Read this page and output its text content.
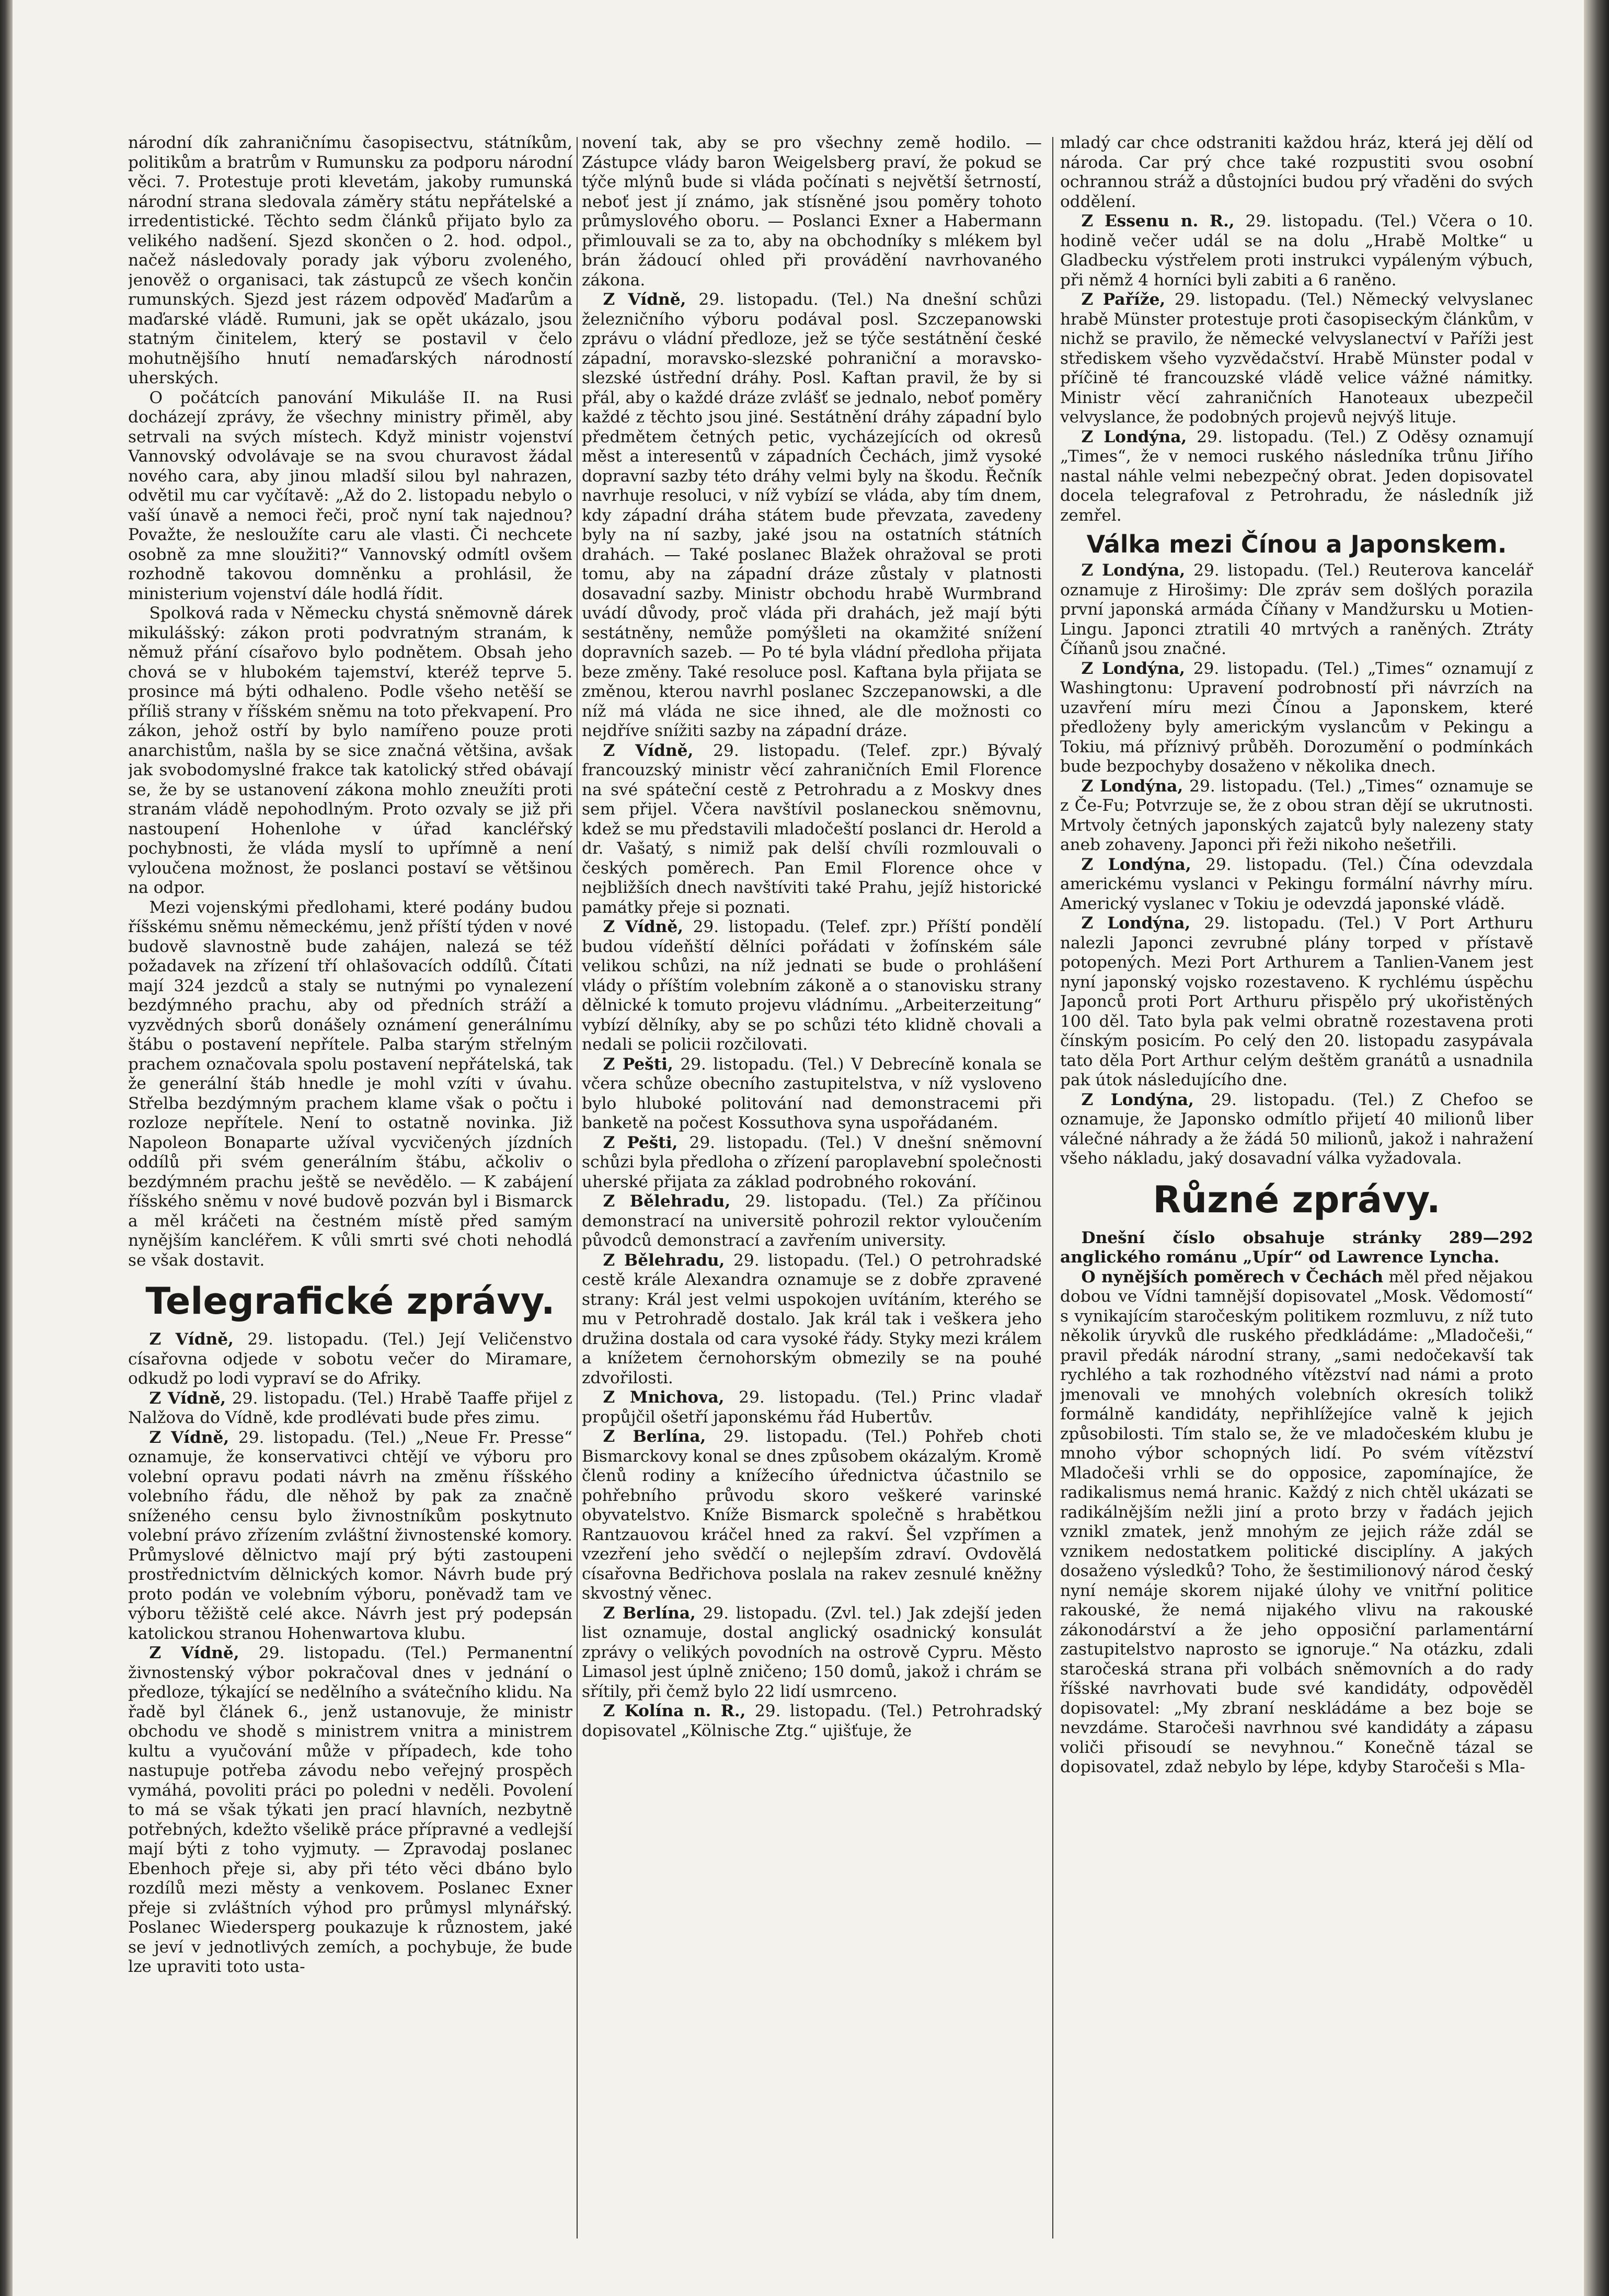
národní dík zahraničnímu časopisectvu, státníkům, politikům a bratrům v Rumunsku za podporu národní věci. 7. Protestuje proti klevetám, jakoby rumunská národní strana sledovala záměry státu nepřátelské a irredentistické. Těchto sedm článků přijato bylo za velikého nadšení. Sjezd skončen o 2. hod. odpol., načež následovaly porady jak výboru zvoleného, jenověž o organisaci, tak zástupců ze všech končin rumunských. Sjezd jest rázem odpověď Maďarům a maďarské vládě. Rumuni, jak se opět ukázalo, jsou statným činitelem, který se postavil v čelo mohutnějšího hnutí nemaďarských národností uherských.

O počátcích panování Mikuláše II. na Rusi docházejí zprávy, že všechny ministry přiměl, aby setrvali na svých místech. Když ministr vojenství Vannovský odvolávaje se na svou churavost žádal nového cara, aby jinou mladší silou byl nahrazen, odvětil mu car vyčítavě: „Až do 2. listopadu nebylo o vaší únavě a nemoci řeči, proč nyní tak najednou? Považte, že nesloužíte caru ale vlasti. Či nechcete osobně za mne sloužiti?“ Vannovský odmítl ovšem rozhodně takovou domněnku a prohlásil, že ministerium vojenství dále hodlá řídit.

Spolková rada v Německu chystá sněmovně dárek mikulášský: zákon proti podvratným stranám, k němuž přání císařovo bylo podnětem. Obsah jeho chová se v hlubokém tajemství, kteréž teprve 5. prosince má býti odhaleno. Podle všeho netěší se příliš strany v říšském sněmu na toto překvapení. Pro zákon, jehož ostří by bylo namířeno pouze proti anarchistům, našla by se sice značná většina, avšak jak svobodomyslné frakce tak katolický střed obávají se, že by se ustanovení zákona mohlo zneužíti proti stranám vládě nepohodlným. Proto ozvaly se již při nastoupení Hohenlohe v úřad kancléřský pochybnosti, že vláda myslí to upřímně a není vyloučena možnost, že poslanci postaví se většinou na odpor.

Mezi vojenskými předlohami, které podány budou říšskému sněmu německému, jenž příští týden v nové budově slavnostně bude zahájen, nalezá se též požadavek na zřízení tří ohlašovacích oddílů. Čítati mají 324 jezdců a staly se nutnými po vynalezení bezdýmného prachu, aby od předních stráží a vyzvědných sborů donášely oznámení generálnímu štábu o postavení nepřítele. Palba starým střelným prachem označovala spolu postavení nepřátelská, tak že generální štáb hnedle je mohl vzíti v úvahu. Střelba bezdýmným prachem klame však o počtu i rozloze nepřítele. Není to ostatně novinka. Již Napoleon Bonaparte užíval vycvičených jízdních oddílů při svém generálním štábu, ačkoliv o bezdýmném prachu ještě se nevědělo. — K zabájení říšského sněmu v nové budově pozván byl i Bismarck a měl kráčeti na čestném místě před samým nynějším kancléřem. K vůli smrti své choti nehodlá se však dostavit.

Telegrafické zprávy.

Z Vídně, 29. listopadu. (Tel.) Její Veličenstvo císařovna odjede v sobotu večer do Miramare, odkudž po lodi vypraví se do Afriky.

Z Vídně, 29. listopadu. (Tel.) Hrabě Taaffe přijel z Nalžova do Vídně, kde prodlévati bude přes zimu.

Z Vídně, 29. listopadu. (Tel.) „Neue Fr. Presse“ oznamuje, že konservativci chtějí ve výboru pro volební opravu podati návrh na změnu říšského volebního řádu, dle něhož by pak za značně sníženého censu bylo živnostníkům poskytnuto volební právo zřízením zvláštní živnostenské komory. Průmyslové dělnictvo mají prý býti zastoupeni prostřednictvím dělnických komor. Návrh bude prý proto podán ve volebním výboru, poněvadž tam ve výboru těžiště celé akce. Návrh jest prý podepsán katolickou stranou Hohenwartova klubu.

Z Vídně, 29. listopadu. (Tel.) Permanentní živnostenský výbor pokračoval dnes v jednání o předloze, týkající se nedělního a svátečního klidu. Na řadě byl článek 6., jenž ustanovuje, že ministr obchodu ve shodě s ministrem vnitra a ministrem kultu a vyučování může v případech, kde toho nastupuje potřeba závodu nebo veřejný prospěch vymáhá, povoliti práci po poledni v neděli. Povolení to má se však týkati jen prací hlavních, nezbytně potřebných, kdežto všelikě práce přípravné a vedlejší mají býti z toho vyjmuty. — Zpravodaj poslanec Ebenhoch přeje si, aby při této věci dbáno bylo rozdílů mezi městy a venkovem. Poslanec Exner přeje si zvláštních výhod pro průmysl mlynářský. Poslanec Wiedersperg poukazuje k různostem, jaké se jeví v jednotlivých zemích, a pochybuje, že bude lze upraviti toto usta-

novení tak, aby se pro všechny země hodilo. — Zástupce vlády baron Weigelsberg praví, že pokud se týče mlýnů bude si vláda počínati s největší šetrností, neboť jest jí známo, jak stísněné jsou poměry tohoto průmyslového oboru. — Poslanci Exner a Habermann přimlouvali se za to, aby na obchodníky s mlékem byl brán žádoucí ohled při provádění navrhovaného zákona.

Z Vídně, 29. listopadu. (Tel.) Na dnešní schůzi železničního výboru podával posl. Szczepanowski zprávu o vládní předloze, jež se týče sestátnění české západní, moravsko-slezské pohraniční a moravsko-slezské ústřední dráhy. Posl. Kaftan pravil, že by si přál, aby o každé dráze zvlášť se jednalo, neboť poměry každé z těchto jsou jiné. Sestátnění dráhy západní bylo předmětem četných petic, vycházejících od okresů měst a interesentů v západních Čechách, jimž vysoké dopravní sazby této dráhy velmi byly na škodu. Řečník navrhuje resoluci, v níž vybízí se vláda, aby tím dnem, kdy západní dráha státem bude převzata, zavedeny byly na ní sazby, jaké jsou na ostatních státních drahách. — Také poslanec Blažek ohražoval se proti tomu, aby na západní dráze zůstaly v platnosti dosavadní sazby. Ministr obchodu hrabě Wurmbrand uvádí důvody, proč vláda při drahách, jež mají býti sestátněny, nemůže pomýšleti na okamžité snížení dopravních sazeb. — Po té byla vládní předloha přijata beze změny. Také resoluce posl. Kaftana byla přijata se změnou, kterou navrhl poslanec Szczepanowski, a dle níž má vláda ne sice ihned, ale dle možnosti co nejdříve snížiti sazby na západní dráze.

Z Vídně, 29. listopadu. (Telef. zpr.) Bývalý francouzský ministr věcí zahraničních Emil Florence na své spáteční cestě z Petrohradu a z Moskvy dnes sem přijel. Včera navštívil poslaneckou sněmovnu, kdež se mu představili mladočeští poslanci dr. Herold a dr. Vašatý, s nimiž pak delší chvíli rozmlouvali o českých poměrech. Pan Emil Florence ohce v nejbližších dnech navštíviti také Prahu, jejíž historické památky přeje si poznati.

Z Vídně, 29. listopadu. (Telef. zpr.) Příští pondělí budou vídeňští dělníci pořádati v žofínském sále velikou schůzi, na níž jednati se bude o prohlášení vlády o příštím volebním zákoně a o stanovisku strany dělnické k tomuto projevu vládnímu. „Arbeiterzeitung“ vybízí dělníky, aby se po schůzi této klidně chovali a nedali se policii rozčilovati.

Z Pešti, 29. listopadu. (Tel.) V Debrecíně konala se včera schůze obecního zastupitelstva, v níž vysloveno bylo hluboké politování nad demonstracemi při banketě na počest Kossuthova syna uspořádaném.

Z Pešti, 29. listopadu. (Tel.) V dnešní sněmovní schůzi byla předloha o zřízení paroplavební společnosti uherské přijata za základ podrobného rokování.

Z Bělehradu, 29. listopadu. (Tel.) Za příčinou demonstrací na universitě pohrozil rektor vyloučením původců demonstrací a zavřením university.

Z Bělehradu, 29. listopadu. (Tel.) O petrohradské cestě krále Alexandra oznamuje se z dobře zpravené strany: Král jest velmi uspokojen uvítáním, kterého se mu v Petrohradě dostalo. Jak král tak i veškera jeho družina dostala od cara vysoké řády. Styky mezi králem a knížetem černohorským obmezily se na pouhé zdvořilosti.

Z Mnichova, 29. listopadu. (Tel.) Princ vladař propůjčil ošetří japonskému řád Hubertův.

Z Berlína, 29. listopadu. (Tel.) Pohřeb choti Bismarckovy konal se dnes způsobem okázalým. Kromě členů rodiny a knížecího úřednictva účastnilo se pohřebního průvodu skoro veškeré varinské obyvatelstvo. Kníže Bismarck společně s hrabětkou Rantzauovou kráčel hned za rakví. Šel vzpřímen a vzezření jeho svědčí o nejlepším zdraví. Ovdovělá císařovna Bedřichova poslala na rakev zesnulé kněžny skvostný věnec.

Z Berlína, 29. listopadu. (Zvl. tel.) Jak zdejší jeden list oznamuje, dostal anglický osadnický konsulát zprávy o velikých povodních na ostrově Cypru. Město Limasol jest úplně zničeno; 150 domů, jakož i chrám se sřítily, při čemž bylo 22 lidí usmrceno.

Z Kolína n. R., 29. listopadu. (Tel.) Petrohradský dopisovatel „Kölnische Ztg.“ ujišťuje, že

mladý car chce odstraniti každou hráz, která jej dělí od národa. Car prý chce také rozpustiti svou osobní ochrannou stráž a důstojníci budou prý vřaděni do svých oddělení.

Z Essenu n. R., 29. listopadu. (Tel.) Včera o 10. hodině večer udál se na dolu „Hrabě Moltke“ u Gladbecku výstřelem proti instrukci vypáleným výbuch, při němž 4 horníci byli zabiti a 6 raněno.

Z Paříže, 29. listopadu. (Tel.) Německý velvyslanec hrabě Münster protestuje proti časopiseckým článkům, v nichž se pravilo, že německé velvyslanectví v Paříži jest střediskem všeho vyzvědačství. Hrabě Münster podal v příčině té francouzské vládě velice vážné námitky. Ministr věcí zahraničních Hanoteaux ubezpečil velvyslance, že podobných projevů nejvýš lituje.

Z Londýna, 29. listopadu. (Tel.) Z Oděsy oznamují „Times“, že v nemoci ruského následníka trůnu Jiřího nastal náhle velmi nebezpečný obrat. Jeden dopisovatel docela telegrafoval z Petrohradu, že následník již zemřel.

Válka mezi Čínou a Japonskem.

Z Londýna, 29. listopadu. (Tel.) Reuterova kancelář oznamuje z Hirošimy: Dle zpráv sem došlých porazila první japonská armáda Číňany v Mandžursku u Motien-Lingu. Japonci ztratili 40 mrtvých a raněných. Ztráty Číňanů jsou značné.

Z Londýna, 29. listopadu. (Tel.) „Times“ oznamují z Washingtonu: Upravení podrobností při návrzích na uzavření míru mezi Čínou a Japonskem, které předloženy byly americkým vyslancům v Pekingu a Tokiu, má příznivý průběh. Dorozumění o podmínkách bude bezpochyby dosaženo v několika dnech.

Z Londýna, 29. listopadu. (Tel.) „Times“ oznamuje se z Če-Fu; Potvrzuje se, že z obou stran dějí se ukrutnosti. Mrtvoly četných japonských zajatců byly nalezeny staty aneb zohaveny. Japonci při řeži nikoho nešetřili.

Z Londýna, 29. listopadu. (Tel.) Čína odevzdala americkému vyslanci v Pekingu formální návrhy míru. Americký vyslanec v Tokiu je odevzdá japonské vládě.

Z Londýna, 29. listopadu. (Tel.) V Port Arthuru nalezli Japonci zevrubné plány torped v přístavě potopených. Mezi Port Arthurem a Tanlien-Vanem jest nyní japonský vojsko rozestaveno. K rychlému úspěchu Japonců proti Port Arthuru přispělo prý ukořistěných 100 děl. Tato byla pak velmi obratně rozestavena proti čínským posicím. Po celý den 20. listopadu zasypávala tato děla Port Arthur celým deštěm granátů a usnadnila pak útok následujícího dne.

Z Londýna, 29. listopadu. (Tel.) Z Chefoo se oznamuje, že Japonsko odmítlo přijetí 40 milionů liber válečné náhrady a že žádá 50 milionů, jakož i nahražení všeho nákladu, jaký dosavadní válka vyžadovala.

Různé zprávy.

Dnešní číslo obsahuje stránky 289—292 anglického románu „Upír“ od Lawrence Lyncha.

O nynějších poměrech v Čechách měl před nějakou dobou ve Vídni tamnější dopisovatel „Mosk. Vědomostí“ s vynikajícím staročeským politikem rozmluvu, z níž tuto několik úryvků dle ruského předkládáme: „Mladočeši,“ pravil předák národní strany, „sami nedočekavší tak rychlého a tak rozhodného vítězství nad námi a proto jmenovali ve mnohých volebních okresích tolikž formálně kandidáty, nepřihlížejíce valně k jejich způsobilosti. Tím stalo se, že ve mladočeském klubu je mnoho výbor schopných lidí. Po svém vítězství Mladočeši vrhli se do opposice, zapomínajíce, že radikalismus nemá hranic. Každý z nich chtěl ukázati se radikálnějším nežli jiní a proto brzy v řadách jejich vznikl zmatek, jenž mnohým ze jejich ráže zdál se vznikem nedostatkem politické disciplíny. A jakých dosaženo výsledků? Toho, že šestimilionový národ český nyní nemáje skorem nijaké úlohy ve vnitřní politice rakouské, že nemá nijakého vlivu na rakouské zákonodárství a že jeho opposiční parlamentární zastupitelstvo naprosto se ignoruje.“ Na otázku, zdali staročeská strana při volbách sněmovních a do rady říšské navrhovati bude své kandidáty, odpověděl dopisovatel: „My zbraní neskládáme a bez boje se nevzdáme. Staročeši navrhnou své kandidáty a zápasu voliči přisoudí se nevyhnou.“ Konečně tázal se dopisovatel, zdaž nebylo by lépe, kdyby Staročeši s Mla-
